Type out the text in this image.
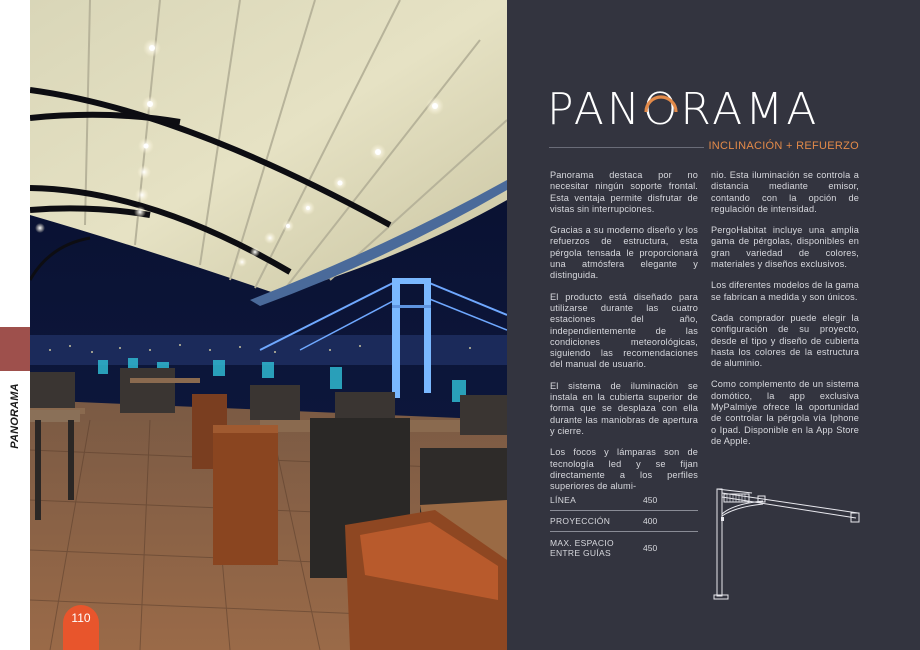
PANORAMA
110
PANO
RAMA
INCLINACIÓN + REFUERZO

Panorama destaca por no necesitar ningún soporte frontal. Esta ventaja permite disfrutar de vistas sin interrupciones.

Gracias a su moderno diseño y los refuerzos de estructura, esta pérgola tensada le proporcionará una atmósfera elegante y distinguida.

El producto está diseñado para utilizarse durante las cuatro estaciones del año, independientemente de las condiciones meteorológicas, siguiendo las recomendaciones del manual de usuario.

El sistema de iluminación se instala en la cubierta superior de forma que se desplaza con ella durante las maniobras de apertura y cierre.

Los focos y lámparas son de tecnología led y se fijan directamente a los perfiles superiores de alumi-

nio. Esta iluminación se controla a distancia mediante emisor, contando con la opción de regulación de intensidad.

PergoHabitat incluye una amplia gama de pérgolas, disponibles en gran variedad de colores, materiales y diseños exclusivos.

Los diferentes modelos de la gama se fabrican a medida y son únicos.

Cada comprador puede elegir la configuración de su proyecto, desde el tipo y diseño de cubierta hasta los colores de la estructura de aluminio.

Como complemento de un sistema domótico, la app exclusiva MyPalmiye ofrece la oportunidad de controlar la pérgola vía Iphone o Ipad. Disponible en la App Store de Apple.

LÍNEA	450
PROYECCIÓN	400
MAX. ESPACIO ENTRE GUÍAS	450
